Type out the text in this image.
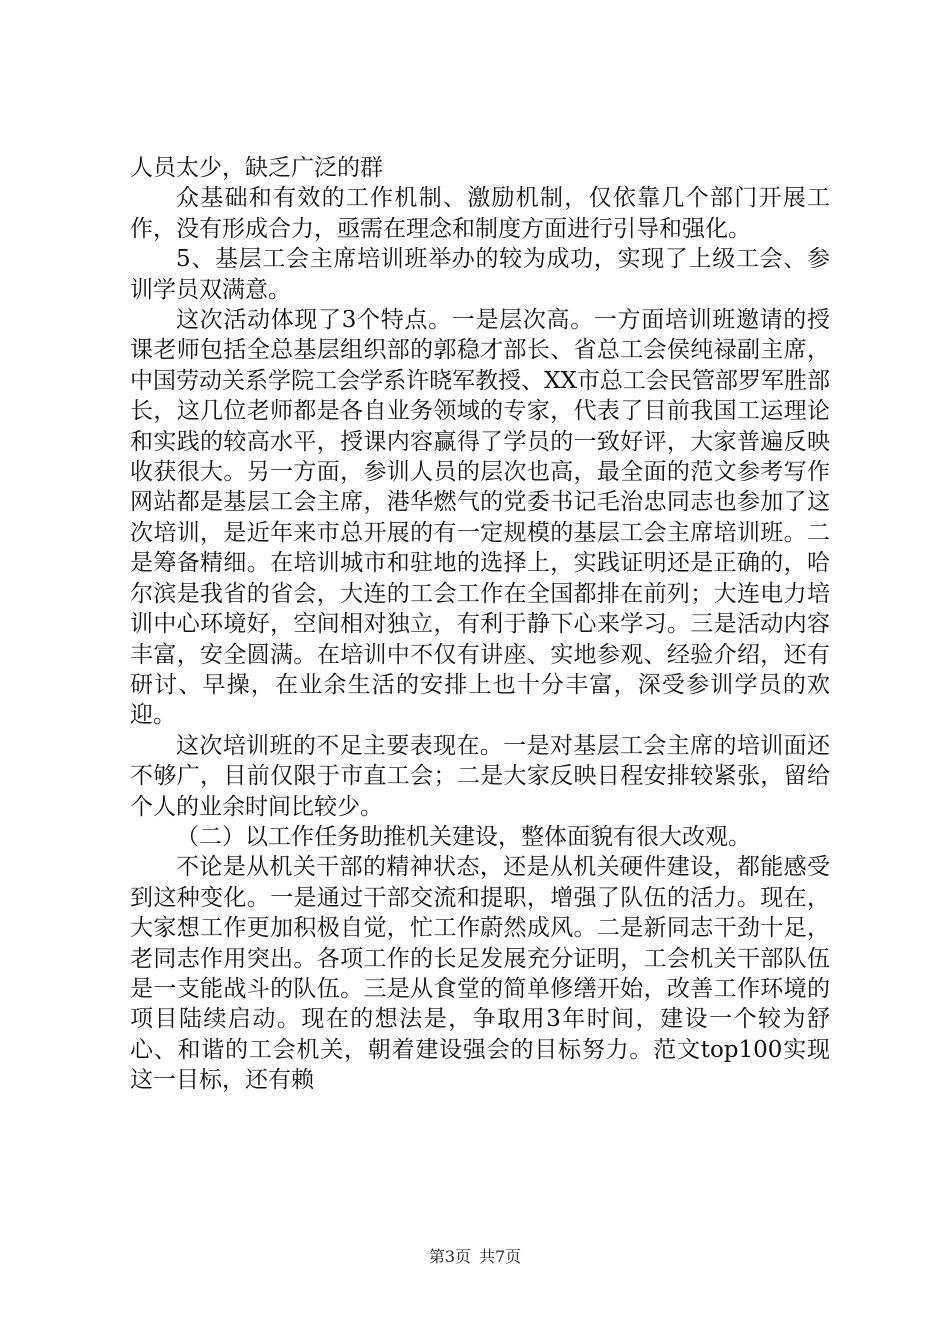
人员太少，缺乏广泛的群

众基础和有效的工作机制、激励机制，仅依靠几个部门开展工作，没有形成合力，亟需在理念和制度方面进行引导和强化。

5、基层工会主席培训班举办的较为成功，实现了上级工会、参训学员双满意。

这次活动体现了3个特点。一是层次高。一方面培训班邀请的授课老师包括全总基层组织部的郭稳才部长、省总工会侯纯禄副主席，中国劳动关系学院工会学系许晓军教授、XX市总工会民管部罗军胜部长，这几位老师都是各自业务领域的专家，代表了目前我国工运理论和实践的较高水平，授课内容赢得了学员的一致好评，大家普遍反映收获很大。另一方面，参训人员的层次也高，最全面的范文参考写作网站都是基层工会主席，港华燃气的党委书记毛治忠同志也参加了这次培训，是近年来市总开展的有一定规模的基层工会主席培训班。二是筹备精细。在培训城市和驻地的选择上，实践证明还是正确的，哈尔滨是我省的省会，大连的工会工作在全国都排在前列；大连电力培训中心环境好，空间相对独立，有利于静下心来学习。三是活动内容丰富，安全圆满。在培训中不仅有讲座、实地参观、经验介绍，还有研讨、早操，在业余生活的安排上也十分丰富，深受参训学员的欢迎。

这次培训班的不足主要表现在。一是对基层工会主席的培训面还不够广，目前仅限于市直工会；二是大家反映日程安排较紧张，留给个人的业余时间比较少。

（二）以工作任务助推机关建设，整体面貌有很大改观。

不论是从机关干部的精神状态，还是从机关硬件建设，都能感受到这种变化。一是通过干部交流和提职，增强了队伍的活力。现在，大家想工作更加积极自觉，忙工作蔚然成风。二是新同志干劲十足，老同志作用突出。各项工作的长足发展充分证明，工会机关干部队伍是一支能战斗的队伍。三是从食堂的简单修缮开始，改善工作环境的项目陆续启动。现在的想法是，争取用3年时间，建设一个较为舒心、和谐的工会机关，朝着建设强会的目标努力。范文top100实现这一目标，还有赖

第3页 共7页
